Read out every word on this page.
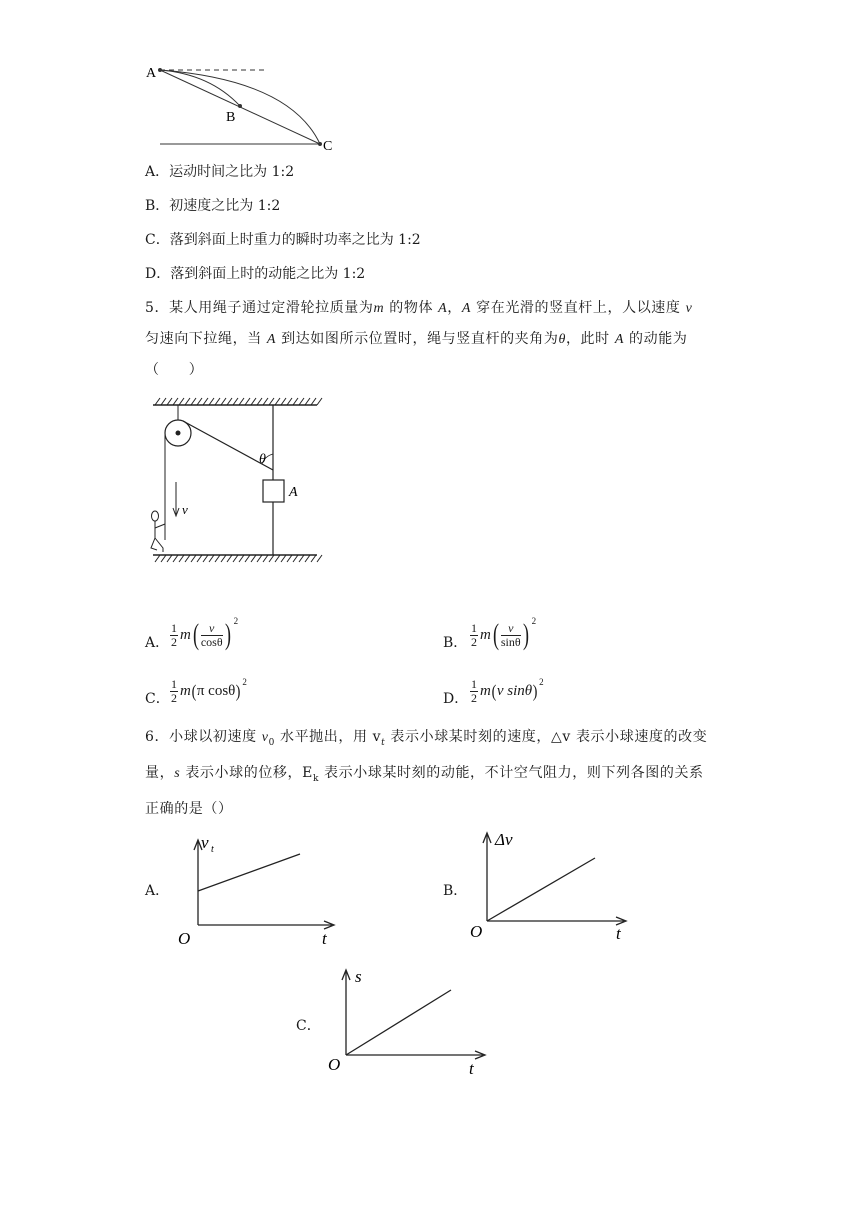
A
B
C
A．运动时间之比为 1:2
B．初速度之比为 1:2
C．落到斜面上时重力的瞬时功率之比为 1:2
D．落到斜面上时的动能之比为 1:2
5．某人用绳子通过定滑轮拉质量为m 的物体 A，A 穿在光滑的竖直杆上，人以速度 v
匀速向下拉绳，当 A 到达如图所示位置时，绳与竖直杆的夹角为θ，此时 A 的动能为
（　　）
θ
A
v
A． $\frac{1}{2}$ m ( $\frac{v}{\cos\theta}$ ) 2
B． $\frac{1}{2}$ m ( $\frac{v}{\sin\theta}$ ) 2
C． $\frac{1}{2}$ m ( π cosθ ) 2
D． $\frac{1}{2}$ m ( v sinθ ) 2
6．小球以初速度 $v_0$ 水平抛出，用 $v_t$ 表示小球某时刻的速度，△v 表示小球速度的改变
量，s 表示小球的位移，$E_k$ 表示小球某时刻的动能，不计空气阻力，则下列各图的关系
正确的是（）
A．
v t
O	t
B．
Δv
O	t
C．
s
O	t
